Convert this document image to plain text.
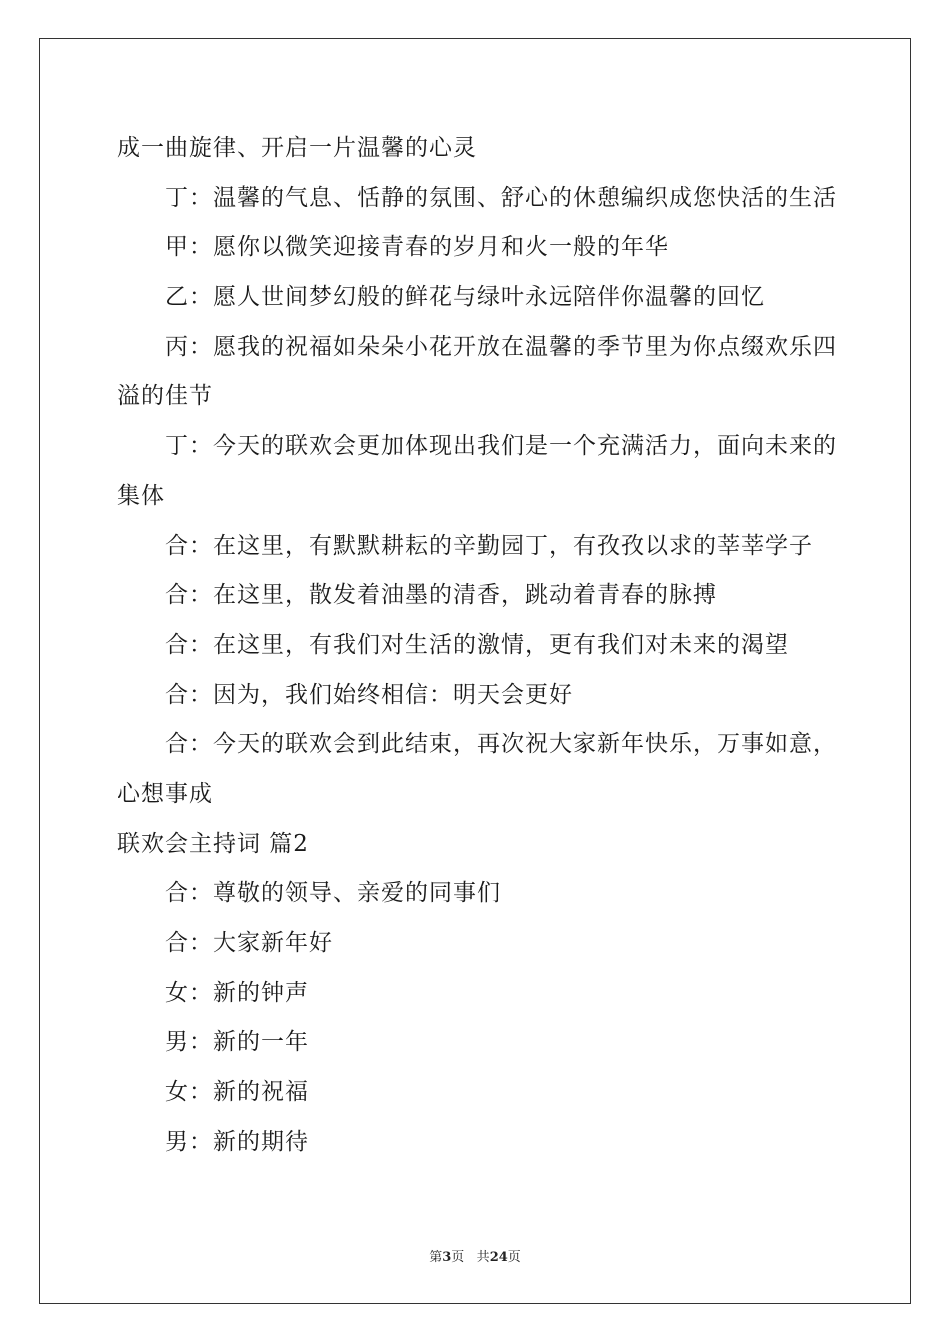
成一曲旋律、开启一片温馨的心灵
丁：温馨的气息、恬静的氛围、舒心的休憩编织成您快活的生活
甲：愿你以微笑迎接青春的岁月和火一般的年华
乙：愿人世间梦幻般的鲜花与绿叶永远陪伴你温馨的回忆
丙：愿我的祝福如朵朵小花开放在温馨的季节里为你点缀欢乐四
溢的佳节
丁：今天的联欢会更加体现出我们是一个充满活力，面向未来的
集体
合：在这里，有默默耕耘的辛勤园丁，有孜孜以求的莘莘学子
合：在这里，散发着油墨的清香，跳动着青春的脉搏
合：在这里，有我们对生活的激情，更有我们对未来的渴望
合：因为，我们始终相信：明天会更好
合：今天的联欢会到此结束，再次祝大家新年快乐，万事如意，
心想事成
联欢会主持词 篇2
合：尊敬的领导、亲爱的同事们
合：大家新年好
女：新的钟声
男：新的一年
女：新的祝福
男：新的期待
第3页 共24页
